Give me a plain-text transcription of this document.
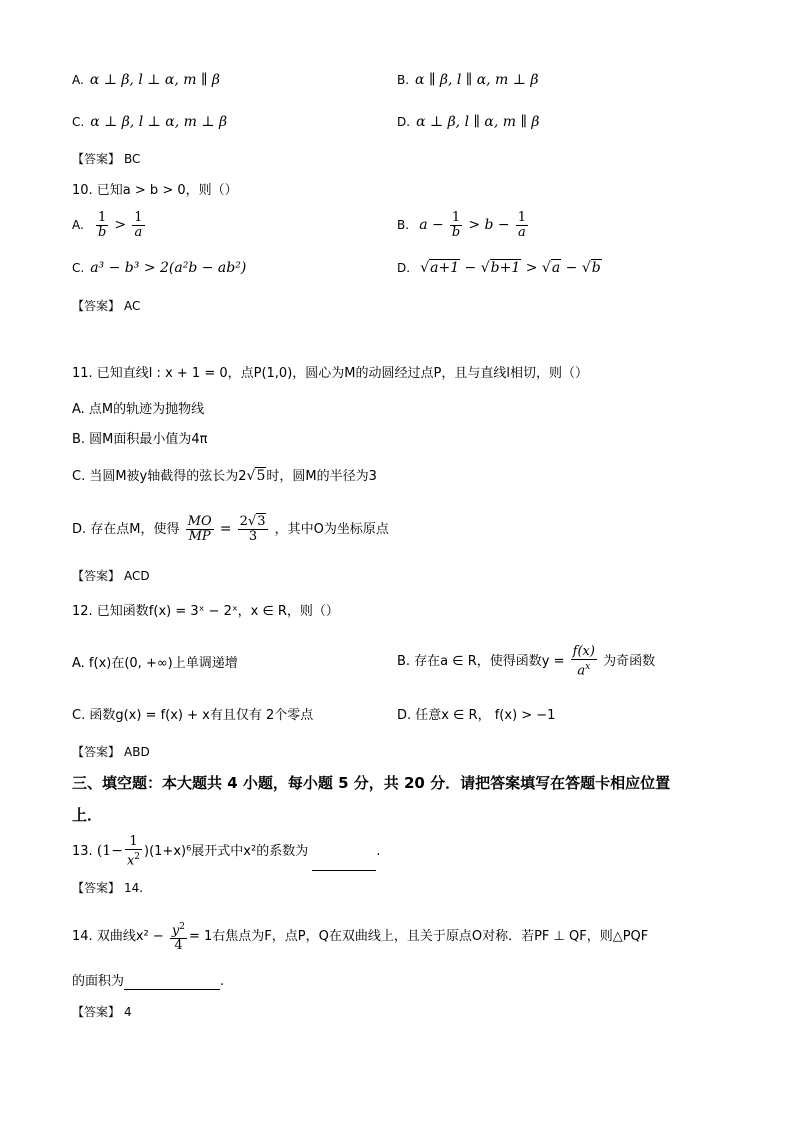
A. α ⊥ β, l ⊥ α, m ∥ β	B. α ∥ β, l ∥ α, m ⊥ β
C. α ⊥ β, l ⊥ α, m ⊥ β	D. α ⊥ β, l ∥ α, m ∥ β
【答案】 BC
10. 已知a > b > 0，则（）
A. $\frac{1}{b} > \frac{1}{a}$	B. $a - \frac{1}{b} > b - \frac{1}{a}$
C. a³ − b³ > 2(a²b − ab²)	D. √a+1 − √b+1 > √a − √b
【答案】 AC
11. 已知直线l : x + 1 = 0，点P(1,0)，圆心为M的动圆经过点P，且与直线l相切，则（）
A. 点M的轨迹为抛物线
B. 圆M面积最小值为4π
C. 当圆M被y轴截得的弦长为2√5时，圆M的半径为3
D. 存在点M，使得 $\frac{MO}{MP} = \frac{2√3}{3}$ ，其中O为坐标原点
【答案】 ACD
12. 已知函数f(x) = 3ˣ − 2ˣ，x ∈ R，则（）
A. f(x)在(0, +∞)上单调递增	B. 存在a ∈ R，使得函数$y = \frac{f(x)}{a^x}$ 为奇函数
C. 函数g(x) = f(x) + x有且仅有 2个零点	D. 任意x ∈ R， f(x) > −1
【答案】 ABD
三、填空题：本大题共 4 小题，每小题 5 分，共 20 分．请把答案填写在答题卡相应位置
上．
13. $(1- \frac{1}{x^2} )(1+x)^6$展开式中x²的系数为	.
【答案】 14.
14. 双曲线$x^2 - \frac{y^2}{4} = 1$右焦点为F，点P，Q在双曲线上，且关于原点O对称．若PF ⊥ QF，则△PQF
的面积为	.
【答案】 4
